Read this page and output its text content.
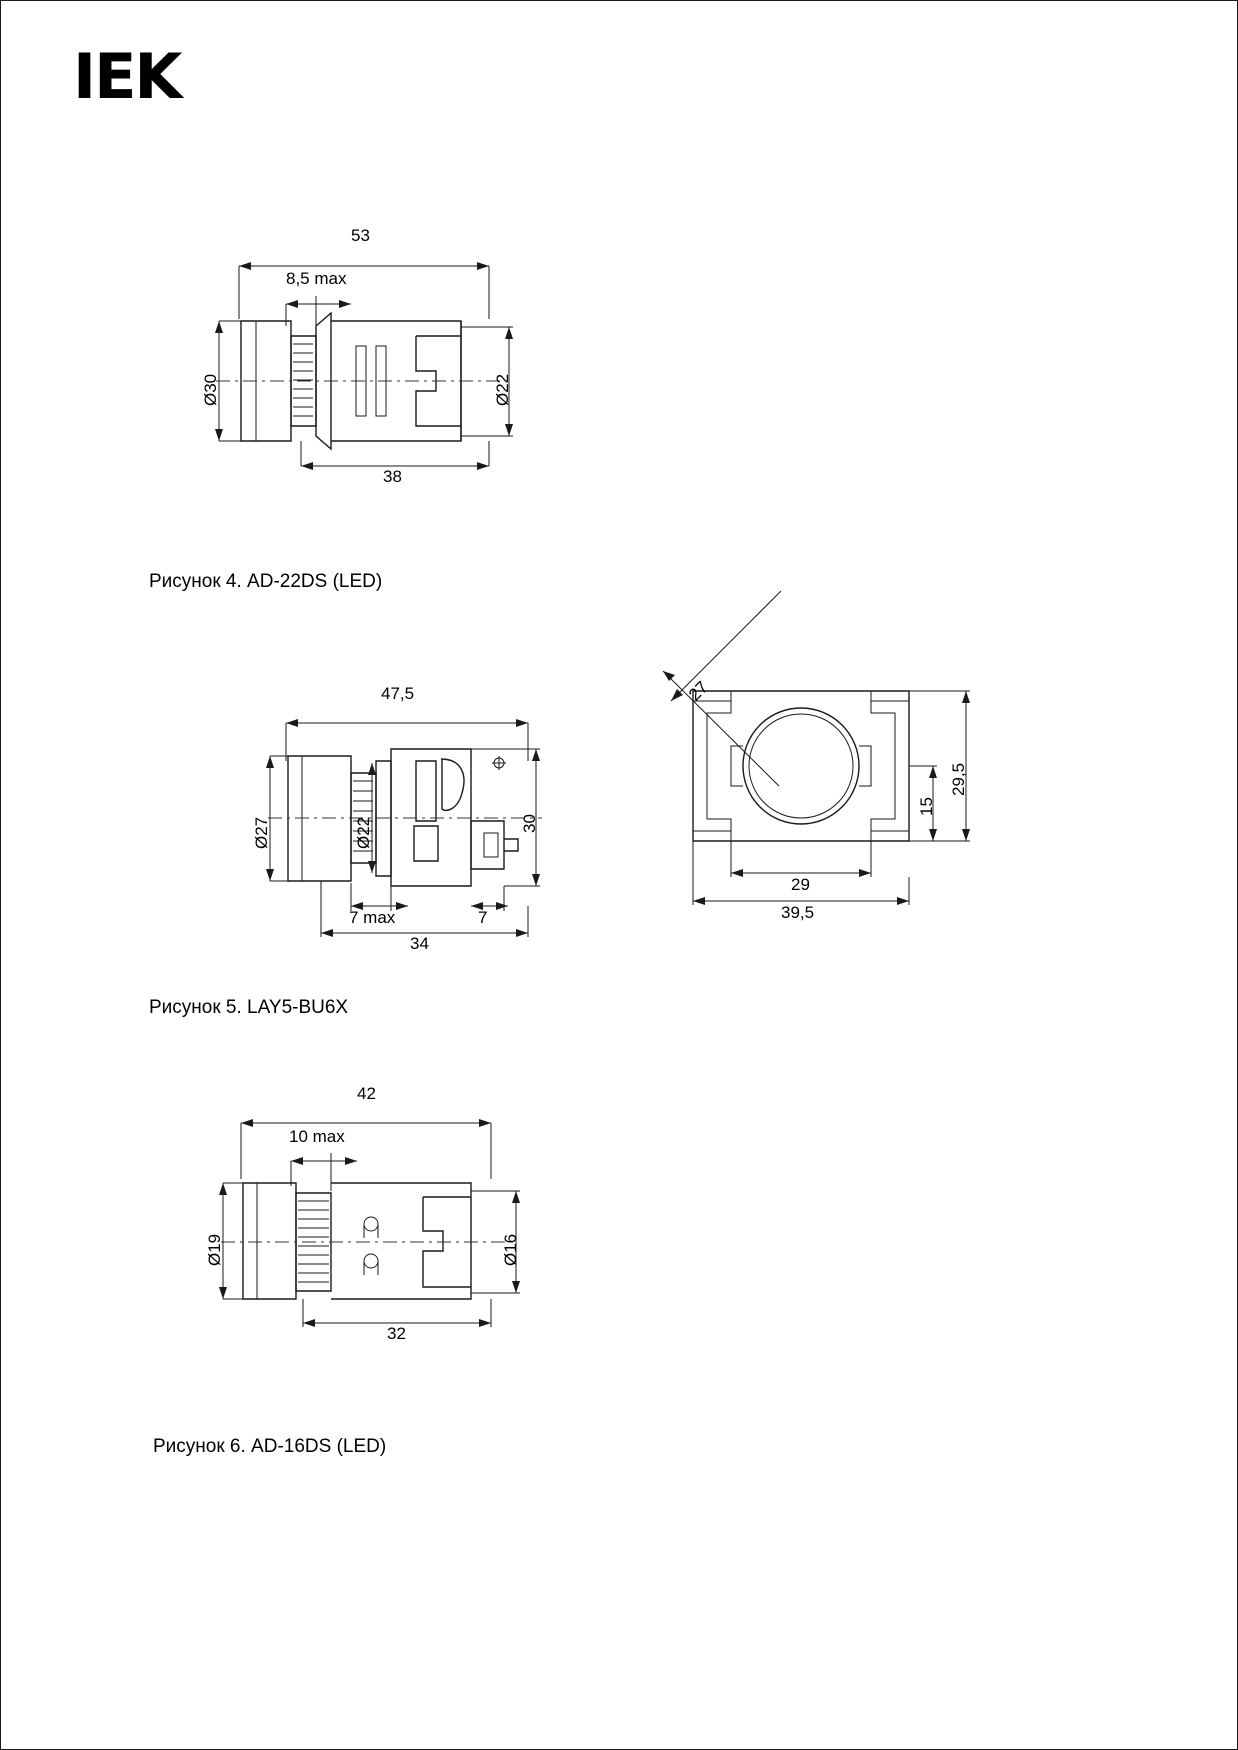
IEK
53
8,5 max
Ø30	Ø22
38
Рисунок 4. AD-22DS (LED)
47,5
Ø27	Ø22	30
7 max	7
34
27
29,5
15
29
39,5
Рисунок 5. LAY5-BU6X
42
10 max
Ø19	Ø16
32
Рисунок 6. AD-16DS (LED)
